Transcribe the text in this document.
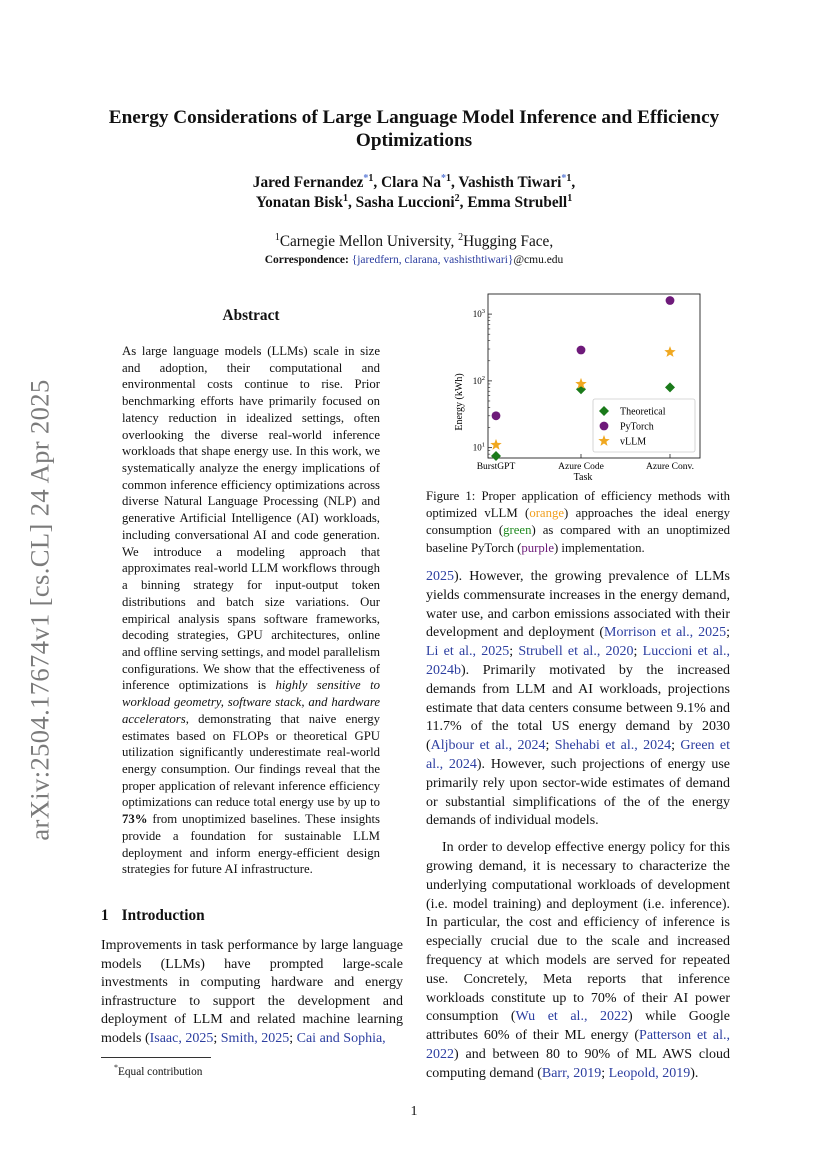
arXiv:2504.17674v1 [cs.CL] 24 Apr 2025
Energy Considerations of Large Language Model Inference and Efficiency Optimizations
Jared Fernandez$^{*1}$, Clara Na$^{*1}$, Vashisth Tiwari$^{*1}$,
Yonatan Bisk$^1$, Sasha Luccioni$^2$, Emma Strubell$^1$
$^1$Carnegie Mellon University, $^2$Hugging Face,
Correspondence: {jaredfern, clarana, vashisthtiwari}@cmu.edu
Abstract

As large language models (LLMs) scale in size and adoption, their computational and environmental costs continue to rise. Prior benchmarking efforts have primarily focused on latency reduction in idealized settings, often overlooking the diverse real-world inference workloads that shape energy use. In this work, we systematically analyze the energy implications of common inference efficiency optimizations across diverse Natural Language Processing (NLP) and generative Artificial Intelligence (AI) workloads, including conversational AI and code generation. We introduce a modeling approach that approximates real-world LLM workflows through a binning strategy for input-output token distributions and batch size variations. Our empirical analysis spans software frameworks, decoding strategies, GPU architectures, online and offline serving settings, and model parallelism configurations. We show that the effectiveness of inference optimizations is highly sensitive to workload geometry, software stack, and hardware accelerators, demonstrating that naive energy estimates based on FLOPs or theoretical GPU utilization significantly underestimate real-world energy consumption. Our findings reveal that the proper application of relevant inference efficiency optimizations can reduce total energy use by up to 73% from unoptimized baselines. These insights provide a foundation for sustainable LLM deployment and inform energy-efficient design strategies for future AI infrastructure.

1 Introduction

Improvements in task performance by large language models (LLMs) have prompted large-scale investments in computing hardware and energy infrastructure to support the development and deployment of LLM and related machine learning models (Isaac, 2025; Smith, 2025; Cai and Sophia,

*Equal contribution
$10^1$
$10^2$
$10^3$
BurstGPT	Azure Code	Azure Conv.
Energy (kWh)
Task
Theoretical
PyTorch
vLLM
Figure 1: Proper application of efficiency methods with optimized vLLM (orange) approaches the ideal energy consumption (green) as compared with an unoptimized baseline PyTorch (purple) implementation.

2025). However, the growing prevalence of LLMs yields commensurate increases in the energy demand, water use, and carbon emissions associated with their development and deployment (Morrison et al., 2025; Li et al., 2025; Strubell et al., 2020; Luccioni et al., 2024b). Primarily motivated by the increased demands from LLM and AI workloads, projections estimate that data centers consume between 9.1% and 11.7% of the total US energy demand by 2030 (Aljbour et al., 2024; Shehabi et al., 2024; Green et al., 2024). However, such projections of energy use primarily rely upon sector-wide estimates of demand or substantial simplifications of the of the energy demands of individual models.

In order to develop effective energy policy for this growing demand, it is necessary to characterize the underlying computational workloads of development (i.e. model training) and deployment (i.e. inference). In particular, the cost and efficiency of inference is especially crucial due to the scale and increased frequency at which models are served for repeated use. Concretely, Meta reports that inference workloads constitute up to 70% of their AI power consumption (Wu et al., 2022) while Google attributes 60% of their ML energy (Patterson et al., 2022) and between 80 to 90% of ML AWS cloud computing demand (Barr, 2019; Leopold, 2019).

1
